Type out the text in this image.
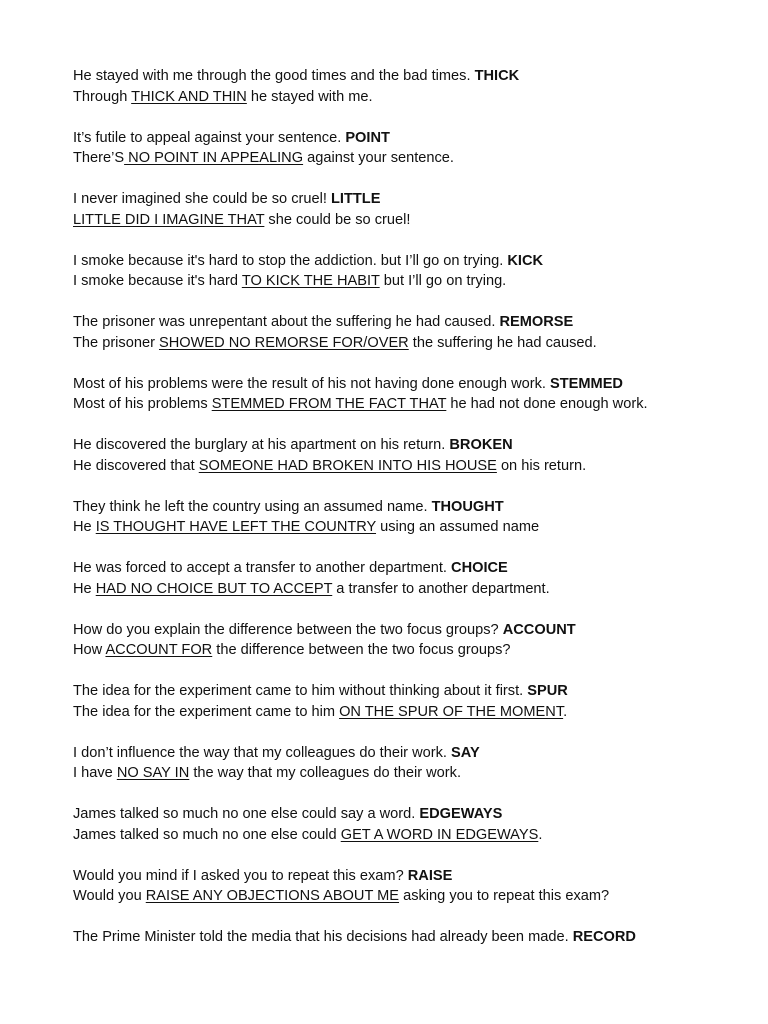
He stayed with me through the good times and the bad times. THICK
Through THICK AND THIN he stayed with me.
It’s futile to appeal against your sentence. POINT
There’S NO POINT IN APPEALING against your sentence.
I never imagined she could be so cruel! LITTLE
LITTLE DID I IMAGINE THAT she could be so cruel!
I smoke because it's hard to stop the addiction. but I’ll go on trying. KICK
I smoke because it's hard TO KICK THE HABIT but I’ll go on trying.
The prisoner was unrepentant about the suffering he had caused. REMORSE
The prisoner SHOWED NO REMORSE FOR/OVER the suffering he had caused.
Most of his problems were the result of his not having done enough work. STEMMED
Most of his problems STEMMED FROM THE FACT THAT he had not done enough work.
He discovered the burglary at his apartment on his return. BROKEN
He discovered that SOMEONE HAD BROKEN INTO HIS HOUSE on his return.
They think he left the country using an assumed name. THOUGHT
He IS THOUGHT HAVE LEFT THE COUNTRY using an assumed name
He was forced to accept a transfer to another department. CHOICE
He HAD NO CHOICE BUT TO ACCEPT a transfer to another department.
How do you explain the difference between the two focus groups? ACCOUNT
How ACCOUNT FOR the difference between the two focus groups?
The idea for the experiment came to him without thinking about it first. SPUR
The idea for the experiment came to him ON THE SPUR OF THE MOMENT.
I don’t influence the way that my colleagues do their work. SAY
I have NO SAY IN the way that my colleagues do their work.
James talked so much no one else could say a word. EDGEWAYS
James talked so much no one else could GET A WORD IN EDGEWAYS.
Would you mind if I asked you to repeat this exam? RAISE
Would you RAISE ANY OBJECTIONS ABOUT ME asking you to repeat this exam?
The Prime Minister told the media that his decisions had already been made. RECORD
